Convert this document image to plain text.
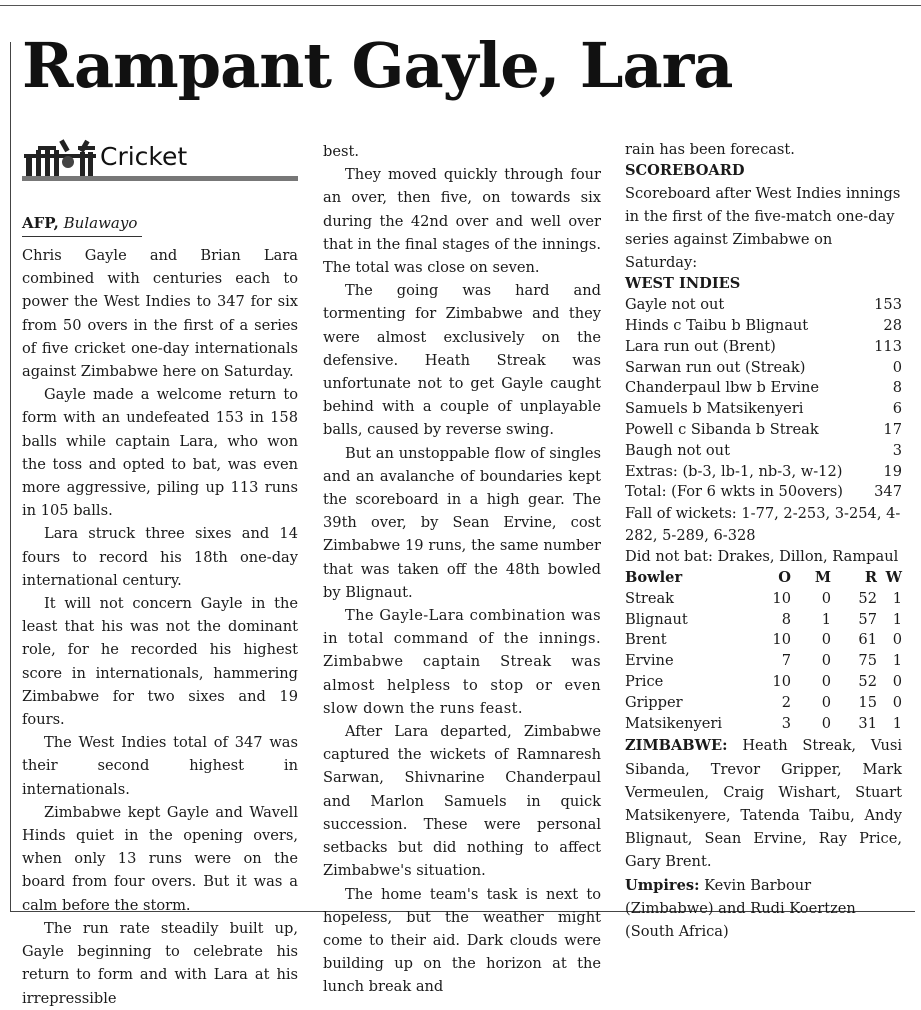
Rampant Gayle, Lara
Cricket
AFP, Bulawayo

Chris Gayle and Brian Lara combined with centuries each to power the West Indies to 347 for six from 50 overs in the first of a series of five cricket one-day internationals against Zimbabwe here on Saturday.

Gayle made a welcome return to form with an undefeated 153 in 158 balls while captain Lara, who won the toss and opted to bat, was even more aggressive, piling up 113 runs in 105 balls.

Lara struck three sixes and 14 fours to record his 18th one-day international century.

It will not concern Gayle in the least that his was not the dominant role, for he recorded his highest score in internationals, hammering Zimbabwe for two sixes and 19 fours.

The West Indies total of 347 was their second highest in internationals.

Zimbabwe kept Gayle and Wavell Hinds quiet in the opening overs, when only 13 runs were on the board from four overs. But it was a calm before the storm.

The run rate steadily built up, Gayle beginning to celebrate his return to form and with Lara at his irrepressible

best.

They moved quickly through four an over, then five, on towards six during the 42nd over and well over that in the final stages of the innings. The total was close on seven.

The going was hard and tormenting for Zimbabwe and they were almost exclusively on the defensive. Heath Streak was unfortunate not to get Gayle caught behind with a couple of unplayable balls, caused by reverse swing.

But an unstoppable flow of singles and an avalanche of boundaries kept the scoreboard in a high gear. The 39th over, by Sean Ervine, cost Zimbabwe 19 runs, the same number that was taken off the 48th bowled by Blignaut.

The Gayle-Lara combination was in total command of the innings. Zimbabwe captain Streak was almost helpless to stop or even slow down the runs feast.

After Lara departed, Zimbabwe captured the wickets of Ramnaresh Sarwan, Shivnarine Chanderpaul and Marlon Samuels in quick succession. These were personal setbacks but did nothing to affect Zimbabwe's situation.

The home team's task is next to hopeless, but the weather might come to their aid. Dark clouds were building up on the horizon at the lunch break and

rain has been forecast.

SCOREBOARD

Scoreboard after West Indies innings in the first of the five-match one-day series against Zimbabwe on Saturday:

WEST INDIES
Gayle not out	153
Hinds c Taibu b Blignaut	28
Lara run out (Brent)	113
Sarwan run out (Streak)	0
Chanderpaul lbw b Ervine	8
Samuels b Matsikenyeri	6
Powell c Sibanda b Streak	17
Baugh not out	3
Extras: (b-3, lb-1, nb-3, w-12)	19
Total: (For 6 wkts in 50overs) 347
Fall of wickets: 1-77, 2-253, 3-254, 4-282, 5-289, 6-328
Did not bat: Drakes, Dillon, Rampaul
Bowler	O	M	R	W
Streak	10	0	52	1
Blignaut	8	1	57	1
Brent	10	0	61	0
Ervine	7	0	75	1
Price	10	0	52	0
Gripper	2	0	15	0
Matsikenyeri	3	0	31	1

ZIMBABWE: Heath Streak, Vusi Sibanda, Trevor Gripper, Mark Vermeulen, Craig Wishart, Stuart Matsikenyere, Tatenda Taibu, Andy Blignaut, Sean Ervine, Ray Price, Gary Brent.

Umpires: Kevin Barbour (Zimbabwe) and Rudi Koertzen (South Africa)
